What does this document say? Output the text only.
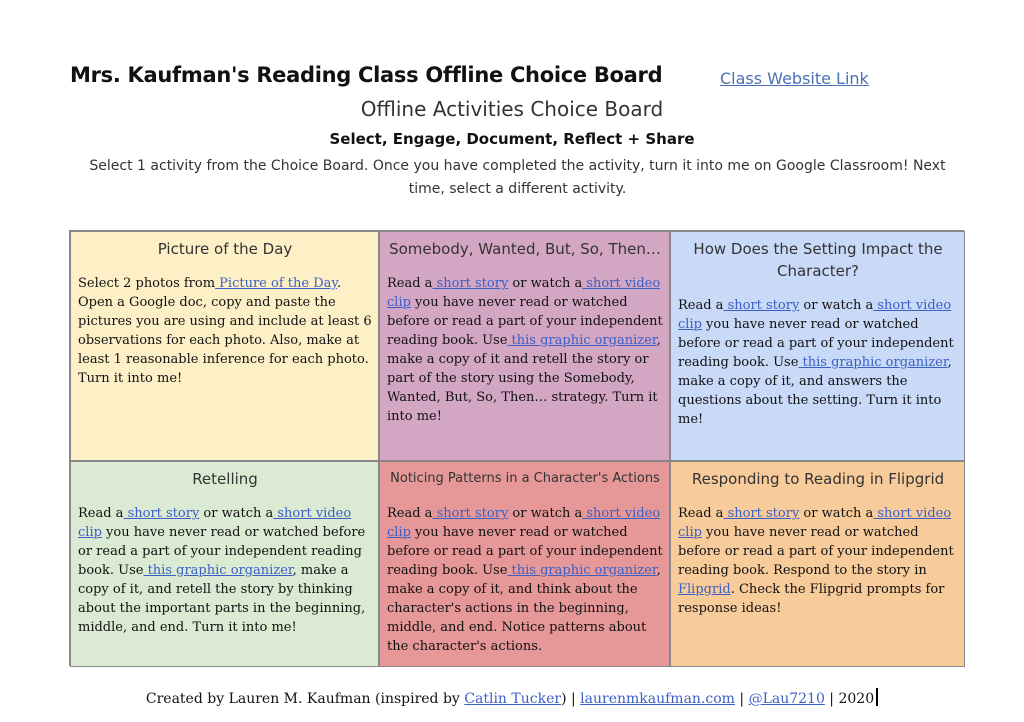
Mrs. Kaufman's Reading Class Offline Choice Board	Class Website Link
Offline Activities Choice Board
Select, Engage, Document, Reflect + Share
Select 1 activity from the Choice Board. Once you have completed the activity, turn it into me on Google Classroom! Next time, select a different activity.
Picture of the Day

Select 2 photos from Picture of the Day. Open a Google doc, copy and paste the pictures you are using and include at least 6 observations for each photo. Also, make at least 1 reasonable inference for each photo. Turn it into me!

Somebody, Wanted, But, So, Then…

Read a short story or watch a short video clip you have never read or watched before or read a part of your independent reading book. Use this graphic organizer, make a copy of it and retell the story or part of the story using the Somebody, Wanted, But, So, Then… strategy. Turn it into me!

How Does the Setting Impact the Character?

Read a short story or watch a short video clip you have never read or watched before or read a part of your independent reading book. Use this graphic organizer, make a copy of it, and answers the questions about the setting. Turn it into me!

Retelling

Read a short story or watch a short video clip you have never read or watched before or read a part of your independent reading book. Use this graphic organizer, make a copy of it, and retell the story by thinking about the important parts in the beginning, middle, and end. Turn it into me!

Noticing Patterns in a Character's Actions

Read a short story or watch a short video clip you have never read or watched before or read a part of your independent reading book. Use this graphic organizer, make a copy of it, and think about the character's actions in the beginning, middle, and end. Notice patterns about the character's actions.

Responding to Reading in Flipgrid

Read a short story or watch a short video clip you have never read or watched before or read a part of your independent reading book. Respond to the story in Flipgrid. Check the Flipgrid prompts for response ideas!

Created by Lauren M. Kaufman (inspired by Catlin Tucker) | laurenmkaufman.com | @Lau7210 | 2020
